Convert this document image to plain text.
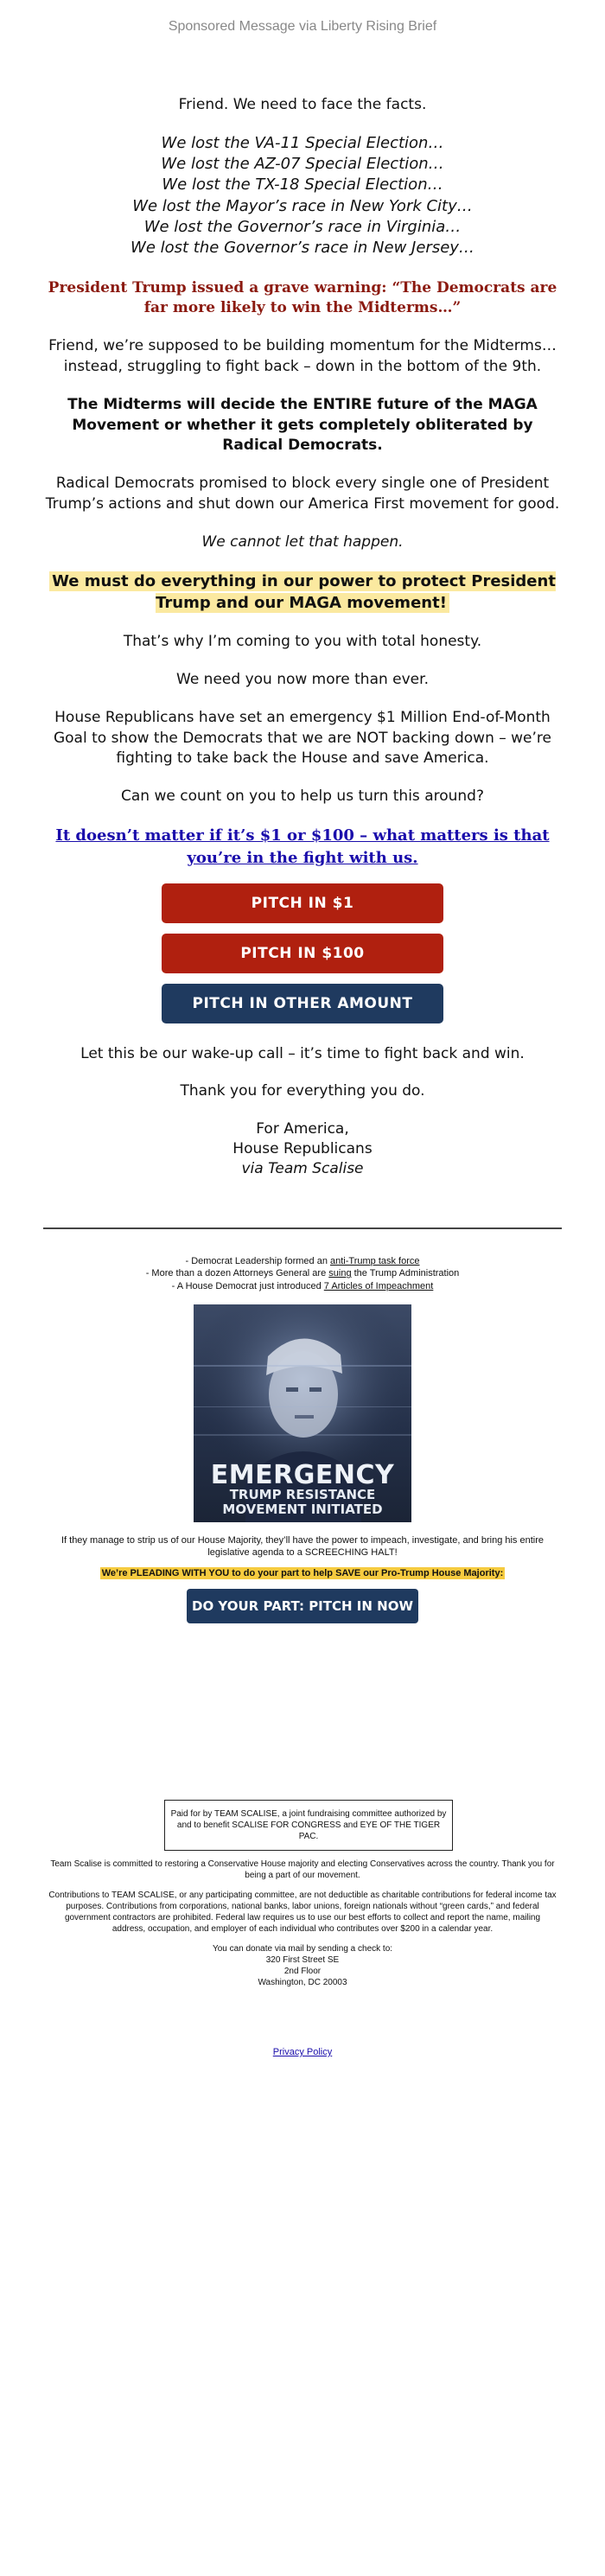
Sponsored Message via Liberty Rising Brief

Friend. We need to face the facts.

We lost the VA-11 Special Election…
We lost the AZ-07 Special Election…
We lost the TX-18 Special Election…
We lost the Mayor’s race in New York City…
We lost the Governor’s race in Virginia…
We lost the Governor’s race in New Jersey…

President Trump issued a grave warning: “The Democrats are far more likely to win the Midterms…”

Friend, we’re supposed to be building momentum for the Midterms… instead, struggling to fight back – down in the bottom of the 9th.

The Midterms will decide the ENTIRE future of the MAGA Movement or whether it gets completely obliterated by Radical Democrats.

Radical Democrats promised to block every single one of President Trump’s actions and shut down our America First movement for good.

We cannot let that happen.

We must do everything in our power to protect President Trump and our MAGA movement!

That’s why I’m coming to you with total honesty.

We need you now more than ever.

House Republicans have set an emergency $1 Million End-of-Month Goal to show the Democrats that we are NOT backing down – we’re fighting to take back the House and save America.

Can we count on you to help us turn this around?

It doesn’t matter if it’s $1 or $100 – what matters is that you’re in the fight with us.

PITCH IN $1
PITCH IN $100
PITCH IN OTHER AMOUNT

Let this be our wake-up call – it’s time to fight back and win.

Thank you for everything you do.

For America,
House Republicans
via Team Scalise
- Democrat Leadership formed an anti-Trump task force
- More than a dozen Attorneys General are suing the Trump Administration
- A House Democrat just introduced 7 Articles of Impeachment
EMERGENCY
TRUMP RESISTANCE
MOVEMENT INITIATED
If they manage to strip us of our House Majority, they’ll have the power to impeach, investigate, and bring his entire legislative agenda to a SCREECHING HALT!
We’re PLEADING WITH YOU to do your part to help SAVE our Pro-Trump House Majority:
DO YOUR PART: PITCH IN NOW
Paid for by TEAM SCALISE, a joint fundraising committee authorized by and to benefit SCALISE FOR CONGRESS and EYE OF THE TIGER PAC.

Team Scalise is committed to restoring a Conservative House majority and electing Conservatives across the country. Thank you for being a part of our movement.

Contributions to TEAM SCALISE, or any participating committee, are not deductible as charitable contributions for federal income tax purposes. Contributions from corporations, national banks, labor unions, foreign nationals without “green cards,” and federal government contractors are prohibited. Federal law requires us to use our best efforts to collect and report the name, mailing address, occupation, and employer of each individual who contributes over $200 in a calendar year.

You can donate via mail by sending a check to:
320 First Street SE
2nd Floor
Washington, DC 20003
Privacy Policy
